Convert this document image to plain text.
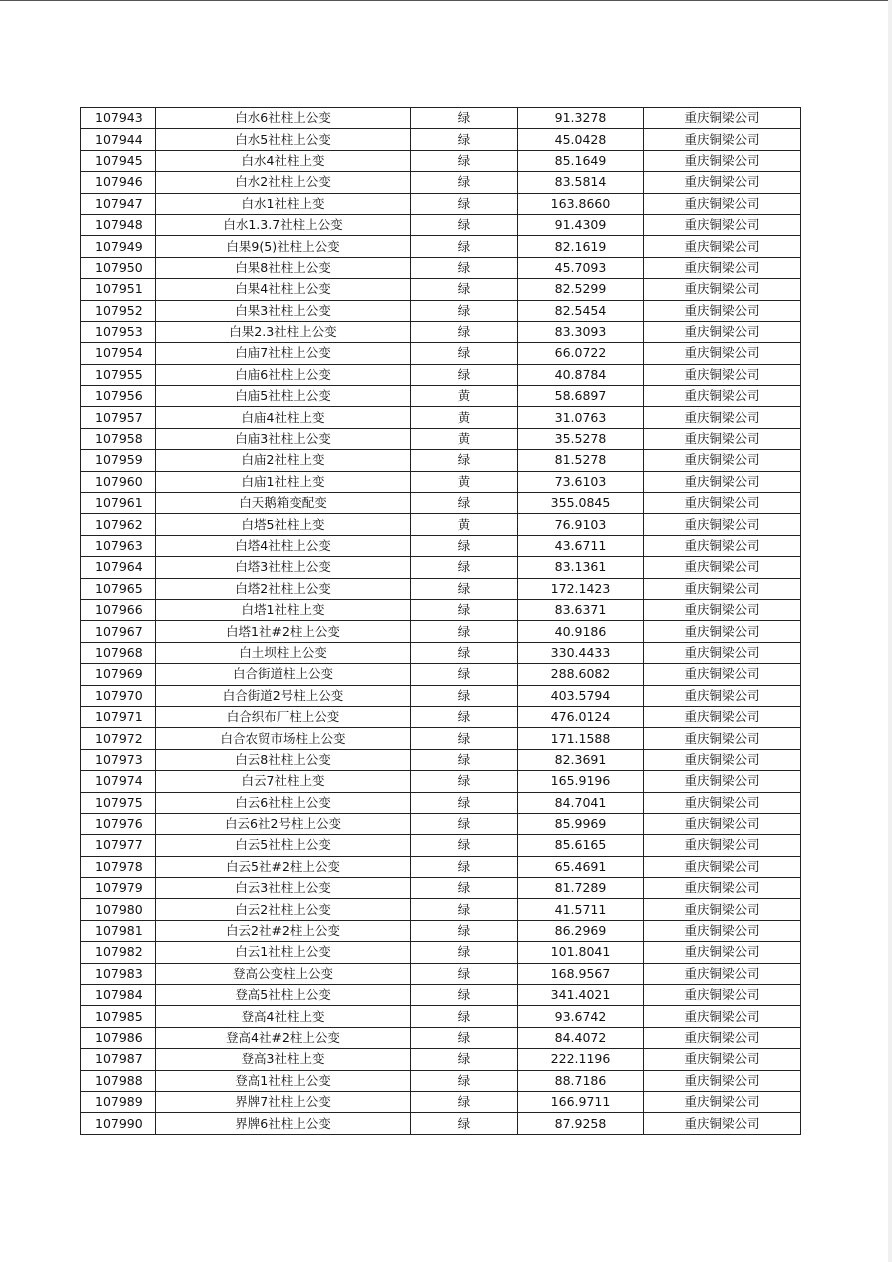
107943	白水6社柱上公变	绿	91.3278	重庆铜梁公司
107944	白水5社柱上公变	绿	45.0428	重庆铜梁公司
107945	白水4社柱上变	绿	85.1649	重庆铜梁公司
107946	白水2社柱上公变	绿	83.5814	重庆铜梁公司
107947	白水1社柱上变	绿	163.8660	重庆铜梁公司
107948	白水1.3.7社柱上公变	绿	91.4309	重庆铜梁公司
107949	白果9(5)社柱上公变	绿	82.1619	重庆铜梁公司
107950	白果8社柱上公变	绿	45.7093	重庆铜梁公司
107951	白果4社柱上公变	绿	82.5299	重庆铜梁公司
107952	白果3社柱上公变	绿	82.5454	重庆铜梁公司
107953	白果2.3社柱上公变	绿	83.3093	重庆铜梁公司
107954	白庙7社柱上公变	绿	66.0722	重庆铜梁公司
107955	白庙6社柱上公变	绿	40.8784	重庆铜梁公司
107956	白庙5社柱上公变	黄	58.6897	重庆铜梁公司
107957	白庙4社柱上变	黄	31.0763	重庆铜梁公司
107958	白庙3社柱上公变	黄	35.5278	重庆铜梁公司
107959	白庙2社柱上变	绿	81.5278	重庆铜梁公司
107960	白庙1社柱上变	黄	73.6103	重庆铜梁公司
107961	白天鹅箱变配变	绿	355.0845	重庆铜梁公司
107962	白塔5社柱上变	黄	76.9103	重庆铜梁公司
107963	白塔4社柱上公变	绿	43.6711	重庆铜梁公司
107964	白塔3社柱上公变	绿	83.1361	重庆铜梁公司
107965	白塔2社柱上公变	绿	172.1423	重庆铜梁公司
107966	白塔1社柱上变	绿	83.6371	重庆铜梁公司
107967	白塔1社#2柱上公变	绿	40.9186	重庆铜梁公司
107968	白土坝柱上公变	绿	330.4433	重庆铜梁公司
107969	白合街道柱上公变	绿	288.6082	重庆铜梁公司
107970	白合街道2号柱上公变	绿	403.5794	重庆铜梁公司
107971	白合织布厂柱上公变	绿	476.0124	重庆铜梁公司
107972	白合农贸市场柱上公变	绿	171.1588	重庆铜梁公司
107973	白云8社柱上公变	绿	82.3691	重庆铜梁公司
107974	白云7社柱上变	绿	165.9196	重庆铜梁公司
107975	白云6社柱上公变	绿	84.7041	重庆铜梁公司
107976	白云6社2号柱上公变	绿	85.9969	重庆铜梁公司
107977	白云5社柱上公变	绿	85.6165	重庆铜梁公司
107978	白云5社#2柱上公变	绿	65.4691	重庆铜梁公司
107979	白云3社柱上公变	绿	81.7289	重庆铜梁公司
107980	白云2社柱上公变	绿	41.5711	重庆铜梁公司
107981	白云2社#2柱上公变	绿	86.2969	重庆铜梁公司
107982	白云1社柱上公变	绿	101.8041	重庆铜梁公司
107983	登高公变柱上公变	绿	168.9567	重庆铜梁公司
107984	登高5社柱上公变	绿	341.4021	重庆铜梁公司
107985	登高4社柱上变	绿	93.6742	重庆铜梁公司
107986	登高4社#2柱上公变	绿	84.4072	重庆铜梁公司
107987	登高3社柱上变	绿	222.1196	重庆铜梁公司
107988	登高1社柱上公变	绿	88.7186	重庆铜梁公司
107989	界牌7社柱上公变	绿	166.9711	重庆铜梁公司
107990	界牌6社柱上公变	绿	87.9258	重庆铜梁公司
